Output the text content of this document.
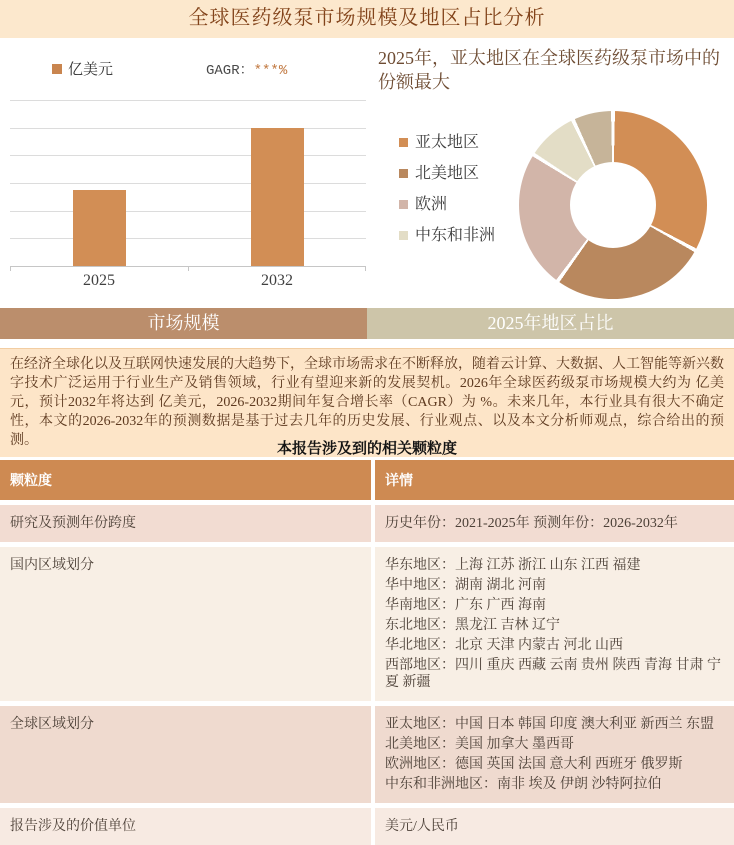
全球医药级泵市场规模及地区占比分析
亿美元	GAGR：***%
2025	2032
2025年，亚太地区在全球医药级泵市场中的份额最大
亚太地区
北美地区
欧洲
中东和非洲
市场规模	2025年地区占比
在经济全球化以及互联网快速发展的大趋势下，全球市场需求在不断释放，随着云计算、大数据、人工智能等新兴数字技术广泛运用于行业生产及销售领域，行业有望迎来新的发展契机。2026年全球医药级泵市场规模大约为 亿美元，预计2032年将达到 亿美元，2026-2032期间年复合增长率（CAGR）为 %。未来几年，本行业具有很大不确定性，本文的2026-2032年的预测数据是基于过去几年的历史发展、行业观点、以及本文分析师观点，综合给出的预测。	本报告涉及到的相关颗粒度
颗粒度	详情
研究及预测年份跨度	历史年份：2021-2025年 预测年份：2026-2032年
国内区域划分	华东地区：上海 江苏 浙江 山东 江西 福建
华中地区：湖南 湖北 河南
华南地区：广东 广西 海南
东北地区：黑龙江 吉林 辽宁
华北地区：北京 天津 内蒙古 河北 山西
西部地区：四川 重庆 西藏 云南 贵州 陕西 青海 甘肃 宁夏 新疆
全球区域划分	亚太地区：中国 日本 韩国 印度 澳大利亚 新西兰 东盟
北美地区：美国 加拿大 墨西哥
欧洲地区：德国 英国 法国 意大利 西班牙 俄罗斯
中东和非洲地区：南非 埃及 伊朗 沙特阿拉伯
报告涉及的价值单位	美元/人民币
